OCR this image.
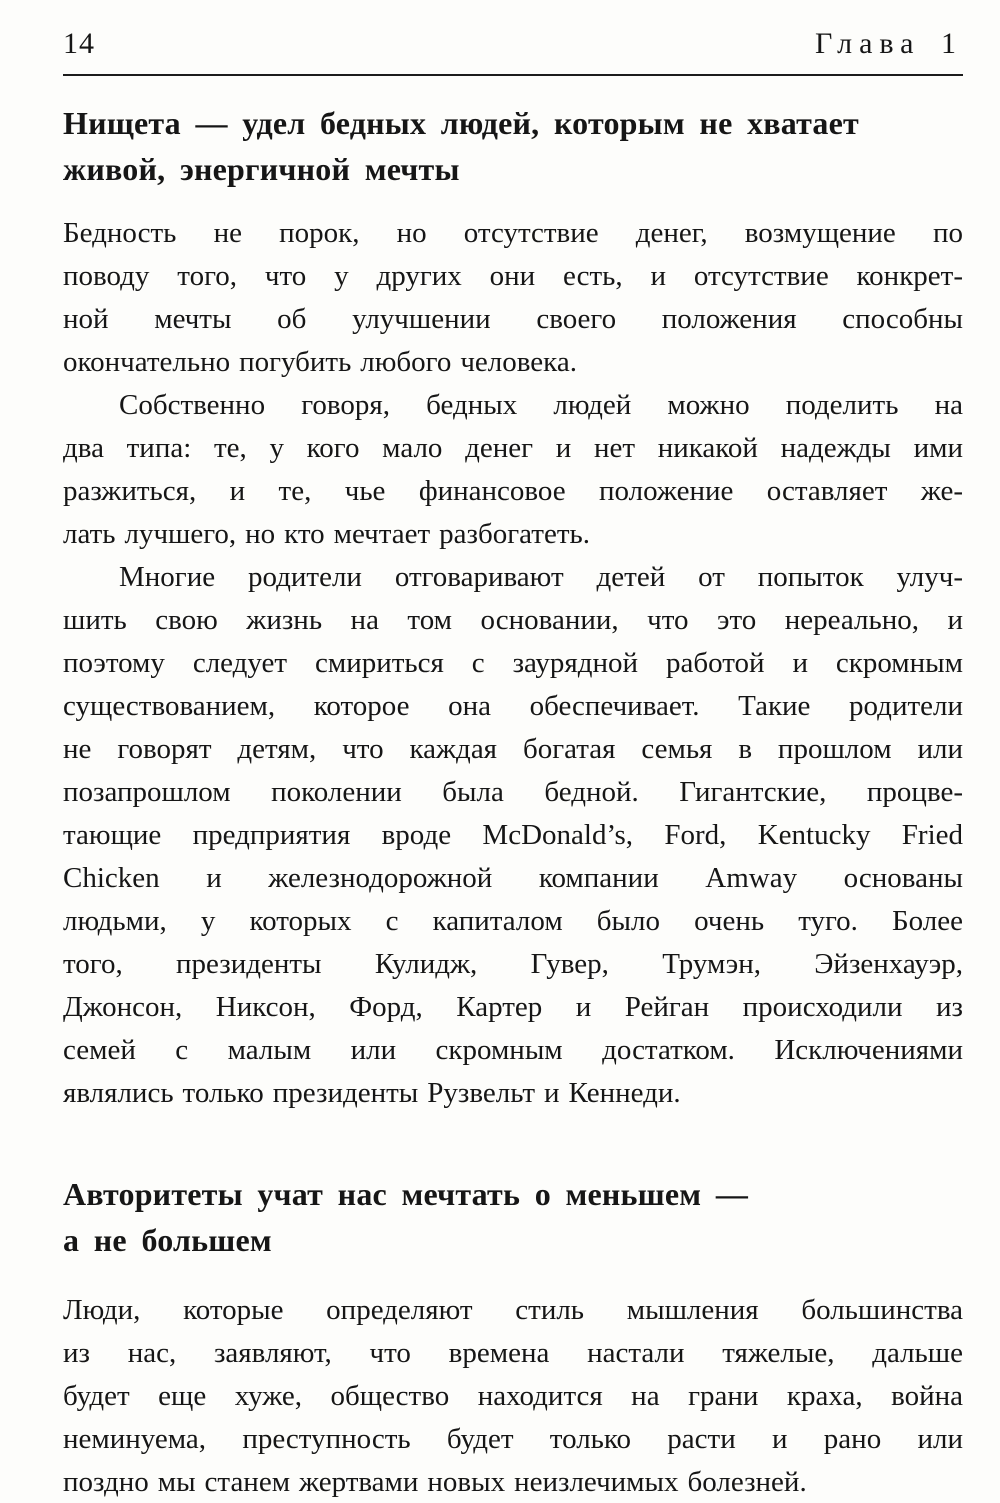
14	Глава 1
Нищета — удел бедных людей, которым не хватает
живой, энергичной мечты
Бедность не порок, но отсутствие денег, возмущение по
поводу того, что у других они есть, и отсутствие конкрет-
ной мечты об улучшении своего положения способны
окончательно погубить любого человека.
Собственно говоря, бедных людей можно поделить на
два типа: те, у кого мало денег и нет никакой надежды ими
разжиться, и те, чье финансовое положение оставляет же-
лать лучшего, но кто мечтает разбогатеть.
Многие родители отговаривают детей от попыток улуч-
шить свою жизнь на том основании, что это нереально, и
поэтому следует смириться с заурядной работой и скромным
существованием, которое она обеспечивает. Такие родители
не говорят детям, что каждая богатая семья в прошлом или
позапрошлом поколении была бедной. Гигантские, процве-
тающие предприятия вроде McDonald’s, Ford, Kentucky Fried
Chicken и железнодорожной компании Amway основаны
людьми, у которых с капиталом было очень туго. Более
того, президенты Кулидж, Гувер, Трумэн, Эйзенхауэр,
Джонсон, Никсон, Форд, Картер и Рейган происходили из
семей с малым или скромным достатком. Исключениями
являлись только президенты Рузвельт и Кеннеди.
Авторитеты учат нас мечтать о меньшем —
а не большем
Люди, которые определяют стиль мышления большинства
из нас, заявляют, что времена настали тяжелые, дальше
будет еще хуже, общество находится на грани краха, война
неминуема, преступность будет только расти и рано или
поздно мы станем жертвами новых неизлечимых болезней.
